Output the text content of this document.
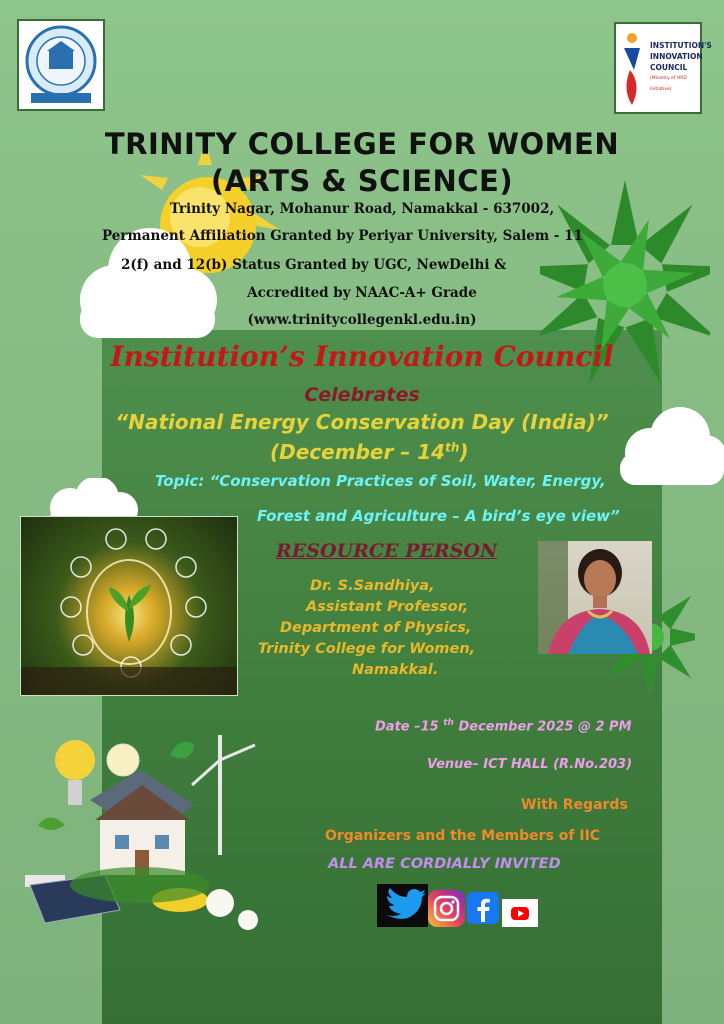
INSTITUTION'S
INNOVATION
COUNCIL
(Ministry of HRD Initiative)
TRINITY COLLEGE FOR WOMEN
(ARTS & SCIENCE)
Trinity Nagar, Mohanur Road, Namakkal - 637002,
Permanent Affiliation Granted by Periyar University, Salem - 11
2(f) and 12(b) Status Granted by UGC, NewDelhi &
Accredited by NAAC-A+ Grade
(www.trinitycollegenkl.edu.in)
Institution’s Innovation Council
Celebrates
“National Energy Conservation Day (India)”
(December – 14th)
Topic: “Conservation Practices of Soil, Water, Energy,
Forest and Agriculture – A bird’s eye view”
RESOURCE PERSON
Dr. S.Sandhiya,
Assistant Professor,
Department of Physics,
Trinity College for Women,
Namakkal.
Date –15 $^{th}$ December 2025 @ 2 PM
Venue– ICT HALL (R.No.203)
With Regards
Organizers and the Members of IIC
ALL ARE CORDIALLY INVITED
